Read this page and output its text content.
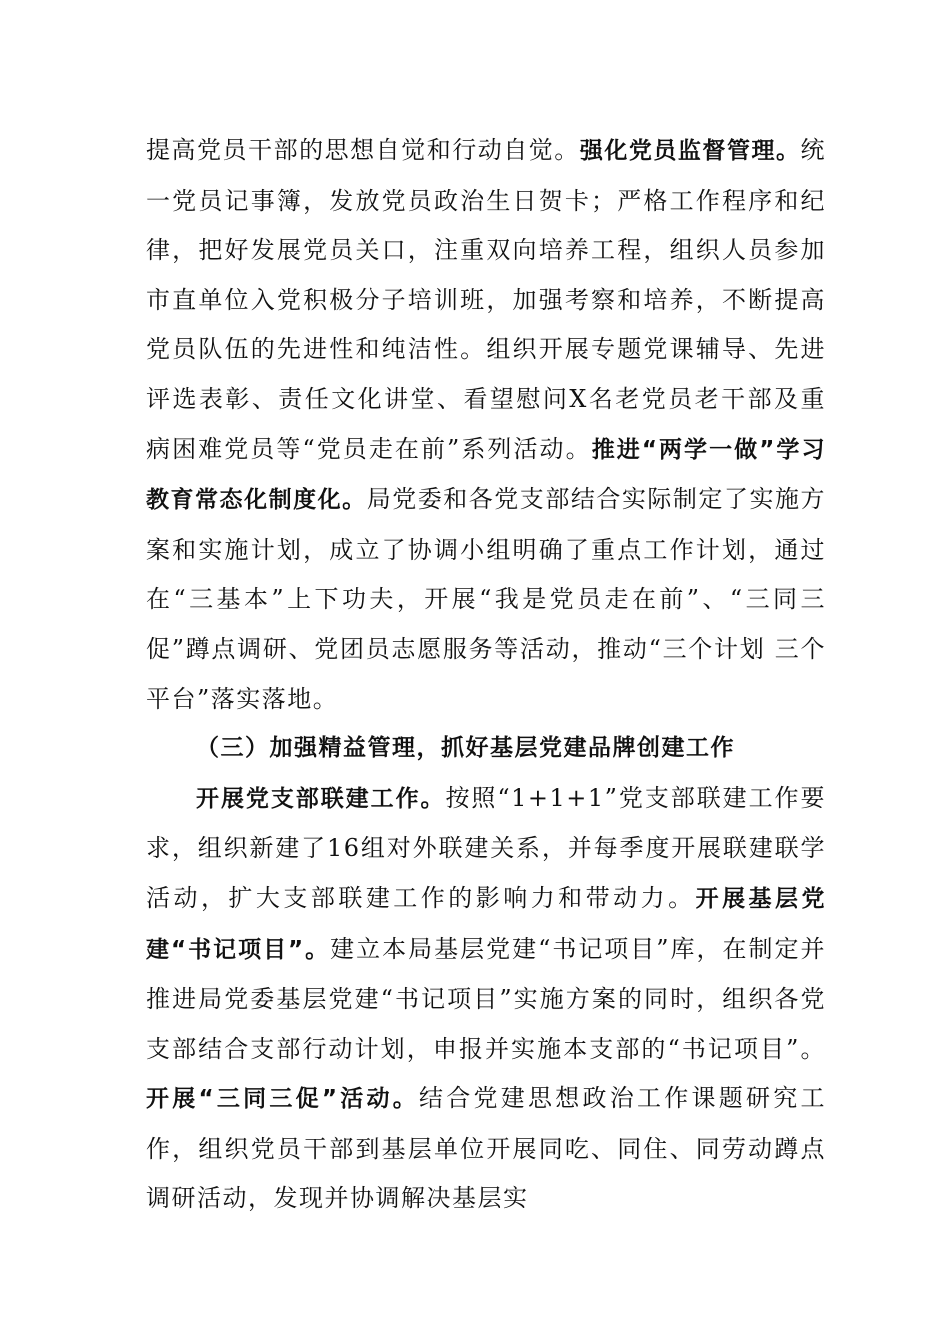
提高党员干部的思想自觉和行动自觉。强化党员监督管理。统一党员记事簿，发放党员政治生日贺卡；严格工作程序和纪律，把好发展党员关口，注重双向培养工程，组织人员参加市直单位入党积极分子培训班，加强考察和培养，不断提高党员队伍的先进性和纯洁性。组织开展专题党课辅导、先进评选表彰、责任文化讲堂、看望慰问X名老党员老干部及重病困难党员等“党员走在前”系列活动。推进“两学一做”学习教育常态化制度化。局党委和各党支部结合实际制定了实施方案和实施计划，成立了协调小组明确了重点工作计划，通过在“三基本”上下功夫，开展“我是党员走在前”、“三同三促”蹲点调研、党团员志愿服务等活动，推动“三个计划 三个平台”落实落地。

（三）加强精益管理，抓好基层党建品牌创建工作

开展党支部联建工作。按照“1+1+1”党支部联建工作要求，组织新建了16组对外联建关系，并每季度开展联建联学活动，扩大支部联建工作的影响力和带动力。开展基层党建“书记项目”。建立本局基层党建“书记项目”库，在制定并推进局党委基层党建“书记项目”实施方案的同时，组织各党支部结合支部行动计划，申报并实施本支部的“书记项目”。开展“三同三促”活动。结合党建思想政治工作课题研究工作，组织党员干部到基层单位开展同吃、同住、同劳动蹲点调研活动，发现并协调解决基层实
